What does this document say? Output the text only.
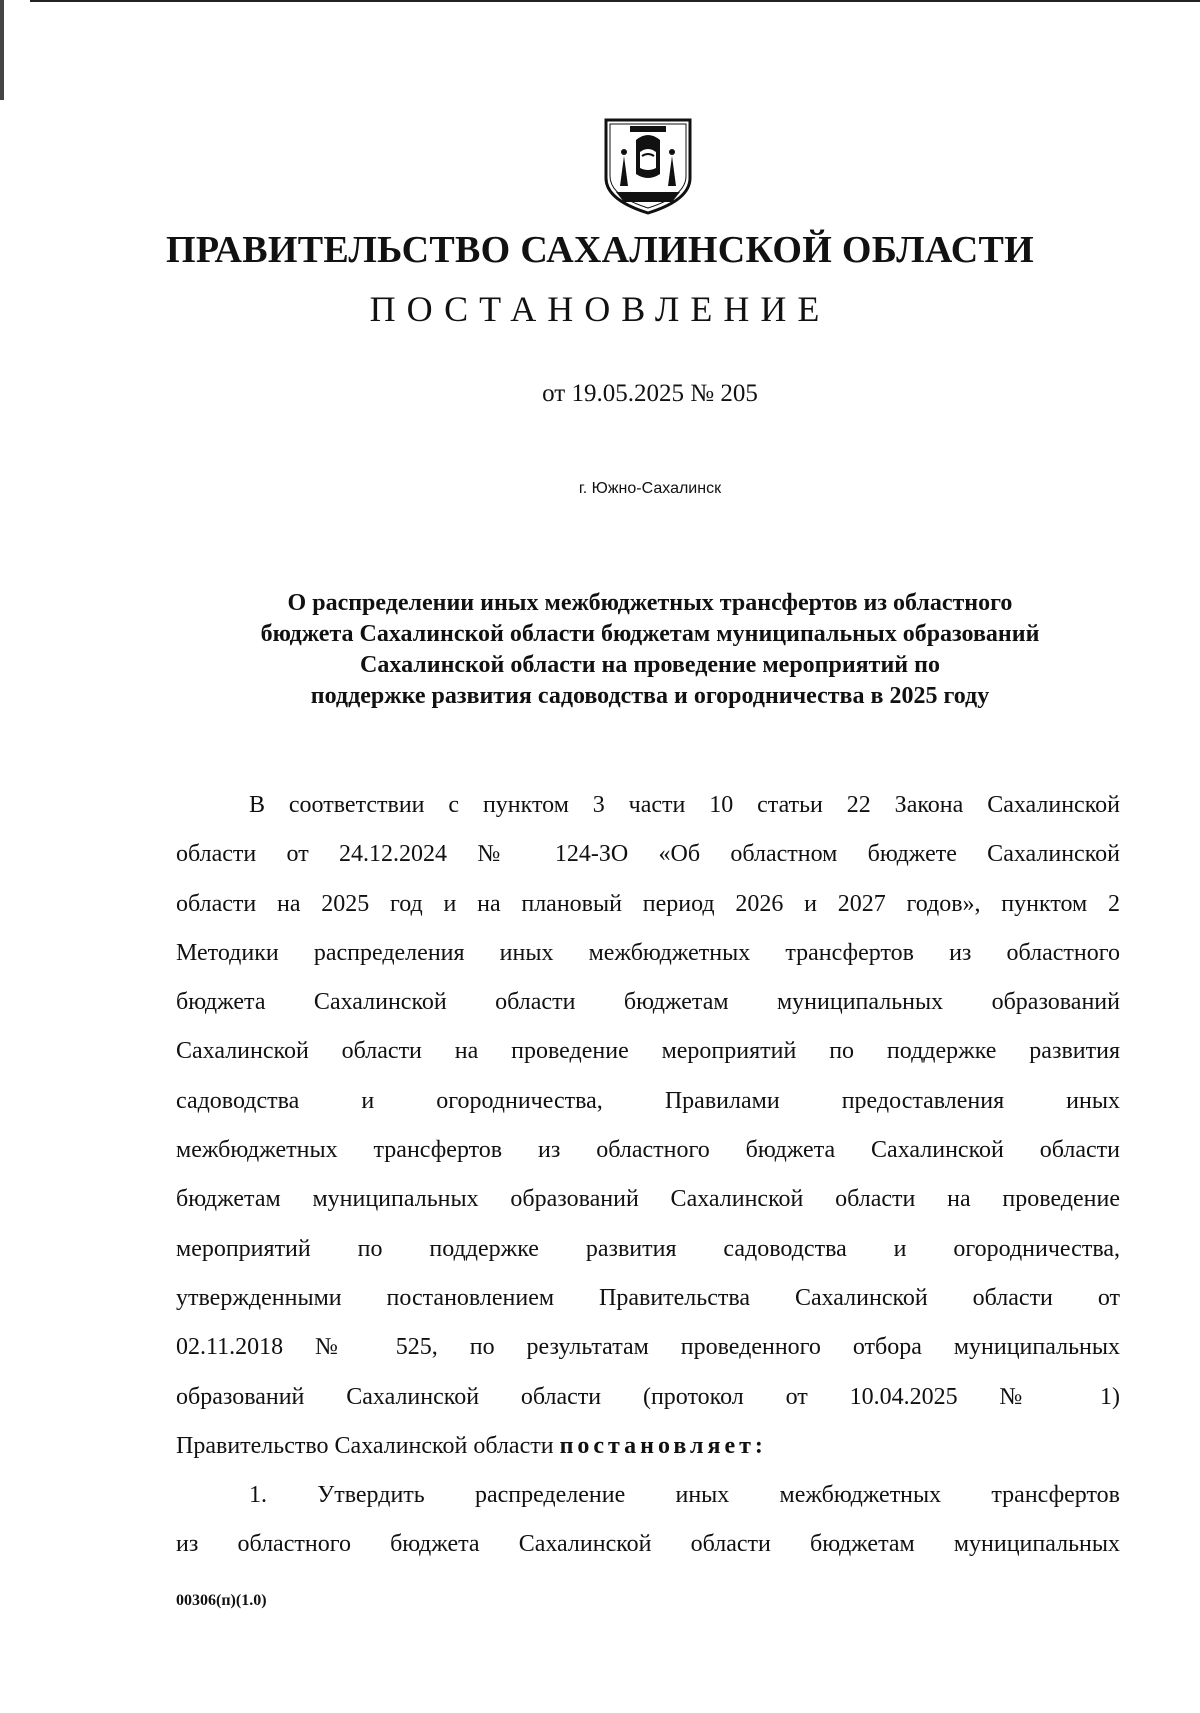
ПРАВИТЕЛЬСТВО САХАЛИНСКОЙ ОБЛАСТИ
ПОСТАНОВЛЕНИЕ
от 19.05.2025 № 205
г. Южно-Сахалинск
О распределении иных межбюджетных трансфертов из областного
бюджета Сахалинской области бюджетам муниципальных образований
Сахалинской области на проведение мероприятий по
поддержке развития садоводства и огородничества в 2025 году
В соответствии с пунктом 3 части 10 статьи 22 Закона Сахалинской
области от 24.12.2024 № 124-ЗО «Об областном бюджете Сахалинской
области на 2025 год и на плановый период 2026 и 2027 годов», пунктом 2
Методики распределения иных межбюджетных трансфертов из областного
бюджета Сахалинской области бюджетам муниципальных образований
Сахалинской области на проведение мероприятий по поддержке развития
садоводства и огородничества, Правилами предоставления иных
межбюджетных трансфертов из областного бюджета Сахалинской области
бюджетам муниципальных образований Сахалинской области на проведение
мероприятий по поддержке развития садоводства и огородничества,
утвержденными постановлением Правительства Сахалинской области от
02.11.2018 № 525, по результатам проведенного отбора муниципальных
образований Сахалинской области (протокол от 10.04.2025 № 1)
Правительство Сахалинской области постановляет:
1. Утвердить распределение иных межбюджетных трансфертов
из областного бюджета Сахалинской области бюджетам муниципальных
00306(п)(1.0)
